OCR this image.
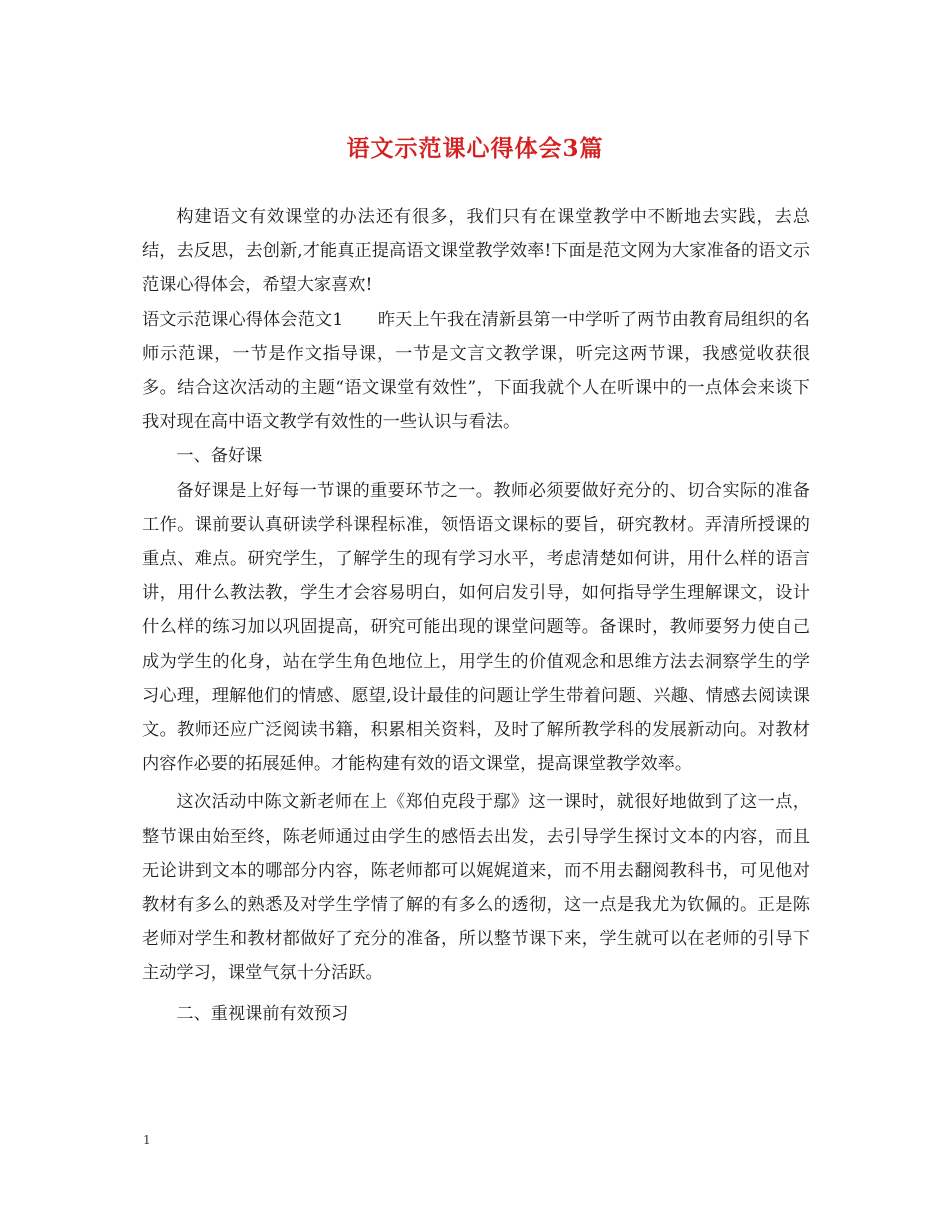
语文示范课心得体会3篇

构建语文有效课堂的办法还有很多，我们只有在课堂教学中不断地去实践，去总结，去反思，去创新,才能真正提高语文课堂教学效率!下面是范文网为大家准备的语文示范课心得体会，希望大家喜欢!

语文示范课心得体会范文1　　昨天上午我在清新县第一中学听了两节由教育局组织的名师示范课，一节是作文指导课，一节是文言文教学课，听完这两节课，我感觉收获很多。结合这次活动的主题“语文课堂有效性”，下面我就个人在听课中的一点体会来谈下我对现在高中语文教学有效性的一些认识与看法。

一、备好课

备好课是上好每一节课的重要环节之一。教师必须要做好充分的、切合实际的准备工作。课前要认真研读学科课程标准，领悟语文课标的要旨，研究教材。弄清所授课的重点、难点。研究学生，了解学生的现有学习水平，考虑清楚如何讲，用什么样的语言讲，用什么教法教，学生才会容易明白，如何启发引导，如何指导学生理解课文，设计什么样的练习加以巩固提高，研究可能出现的课堂问题等。备课时，教师要努力使自己成为学生的化身，站在学生角色地位上，用学生的价值观念和思维方法去洞察学生的学习心理，理解他们的情感、愿望,设计最佳的问题让学生带着问题、兴趣、情感去阅读课文。教师还应广泛阅读书籍，积累相关资料，及时了解所教学科的发展新动向。对教材内容作必要的拓展延伸。才能构建有效的语文课堂，提高课堂教学效率。

这次活动中陈文新老师在上《郑伯克段于鄢》这一课时，就很好地做到了这一点，整节课由始至终，陈老师通过由学生的感悟去出发，去引导学生探讨文本的内容，而且无论讲到文本的哪部分内容，陈老师都可以娓娓道来，而不用去翻阅教科书，可见他对教材有多么的熟悉及对学生学情了解的有多么的透彻，这一点是我尤为钦佩的。正是陈老师对学生和教材都做好了充分的准备，所以整节课下来，学生就可以在老师的引导下主动学习，课堂气氛十分活跃。

二、重视课前有效预习

1
